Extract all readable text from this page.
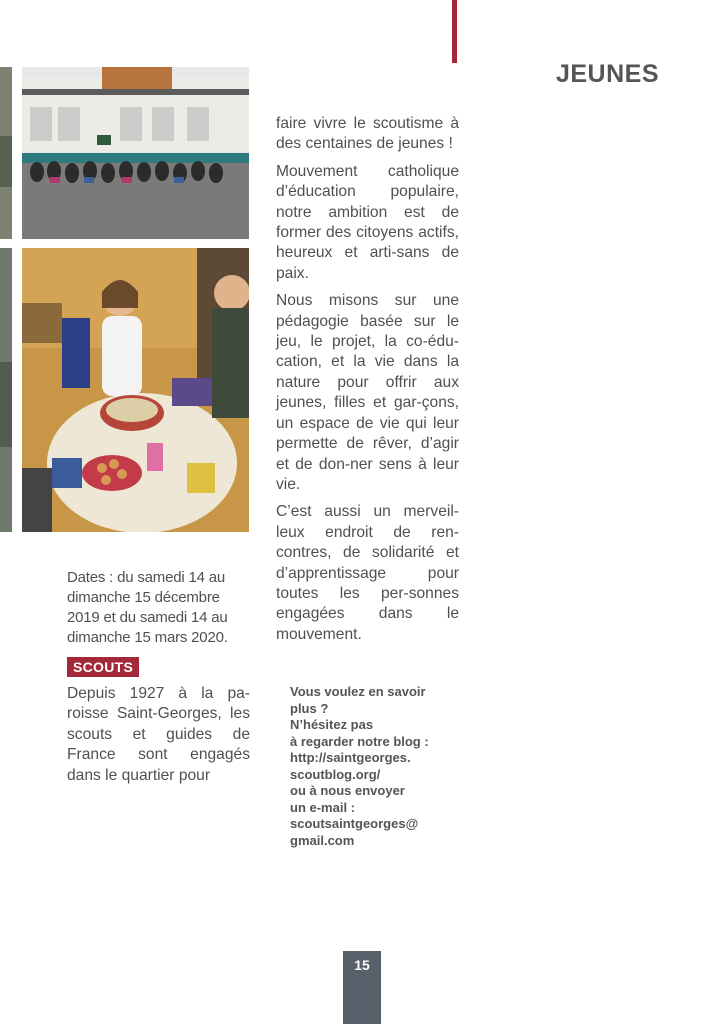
JEUNES

faire vivre le scoutisme à des centaines de jeunes !

Mouvement catholique d’éducation populaire, notre ambition est de former des citoyens actifs, heureux et arti-sans de paix.

Nous misons sur une pédagogie basée sur le jeu, le projet, la co-édu-cation, et la vie dans la nature pour offrir aux jeunes, filles et gar-çons, un espace de vie qui leur permette de rêver, d’agir et de don-ner sens à leur vie.

C’est aussi un merveil-leux endroit de ren-contres, de solidarité et d’apprentissage pour toutes les per-sonnes engagées dans le mouvement.

Dates : du samedi 14 au dimanche 15 décembre 2019 et du samedi 14 au dimanche 15 mars 2020.
SCOUTS

Depuis 1927 à la pa-roisse Saint-Georges, les scouts et guides de France sont engagés dans le quartier pour

Vous voulez en savoir
plus ?
N’hésitez pas
à regarder notre blog :
http://saintgeorges.
scoutblog.org/
ou à nous envoyer
un e-mail :
scoutsaintgeorges@
gmail.com
15
